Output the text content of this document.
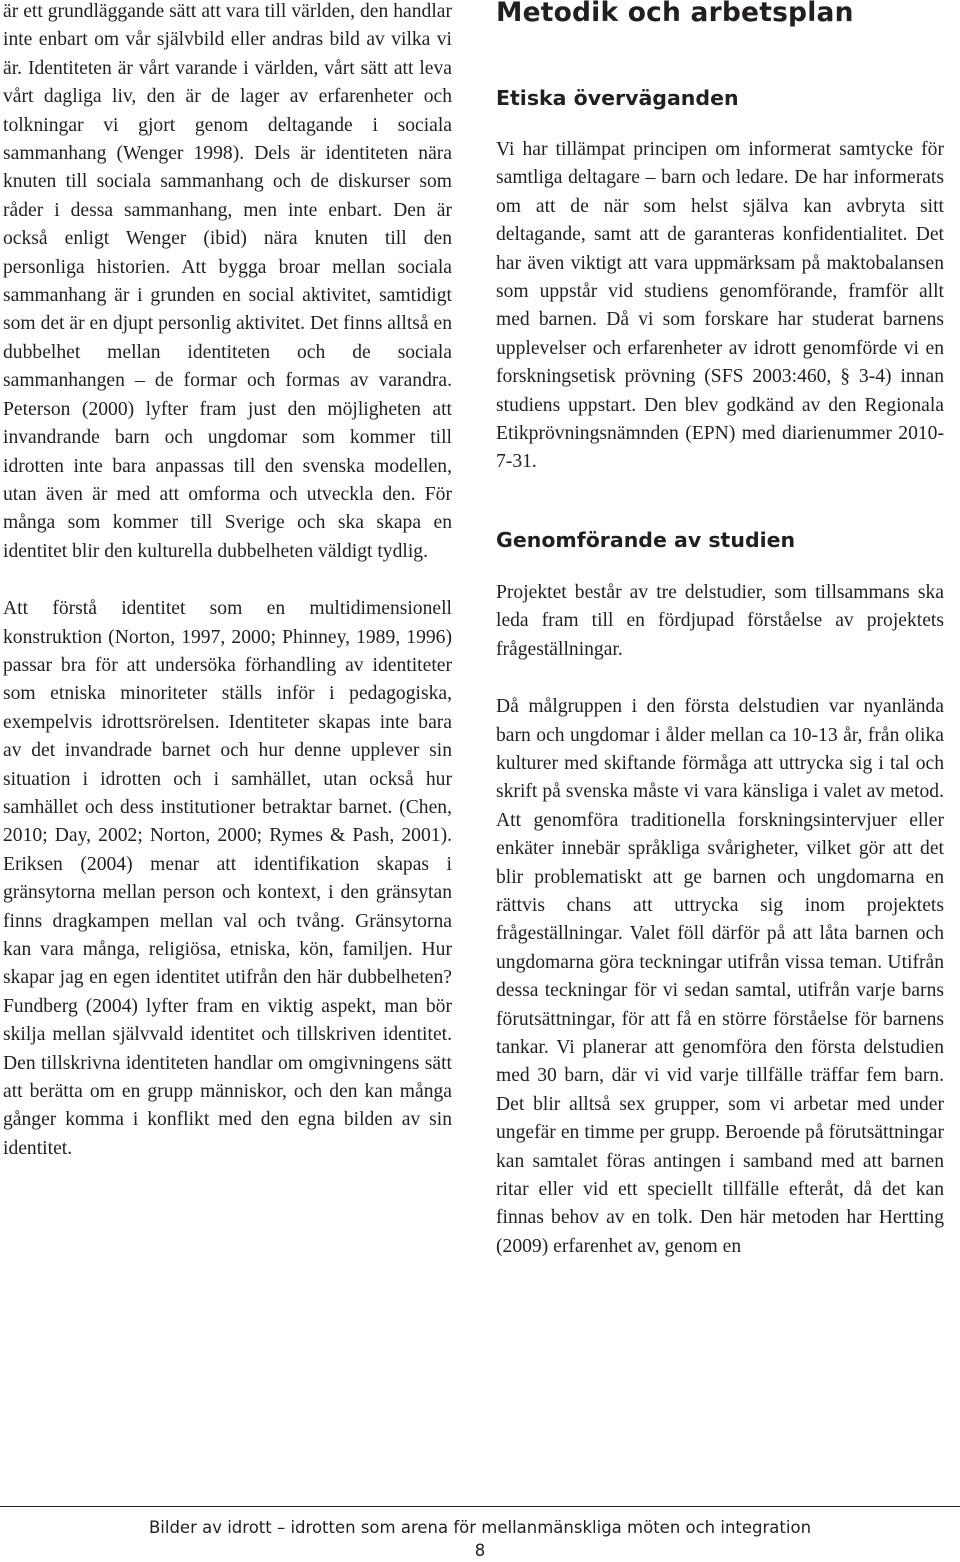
är ett grundläggande sätt att vara till världen, den handlar inte enbart om vår självbild eller andras bild av vilka vi är. Identiteten är vårt varande i världen, vårt sätt att leva vårt dagliga liv, den är de lager av erfarenheter och tolkningar vi gjort genom deltagande i sociala sammanhang (Wenger 1998). Dels är identiteten nära knuten till sociala sammanhang och de diskurser som råder i dessa sammanhang, men inte enbart. Den är också enligt Wenger (ibid) nära knuten till den personliga historien. Att bygga broar mellan sociala sammanhang är i grunden en social aktivitet, samtidigt som det är en djupt personlig aktivitet. Det finns alltså en dubbelhet mellan identiteten och de sociala sammanhangen – de formar och formas av varandra. Peterson (2000) lyfter fram just den möjligheten att invandrande barn och ungdomar som kommer till idrotten inte bara anpassas till den svenska modellen, utan även är med att omforma och utveckla den. För många som kommer till Sverige och ska skapa en identitet blir den kulturella dubbelheten väldigt tydlig.

Att förstå identitet som en multidimensionell konstruktion (Norton, 1997, 2000; Phinney, 1989, 1996) passar bra för att undersöka förhandling av identiteter som etniska minoriteter ställs inför i pedagogiska, exempelvis idrottsrörelsen. Identiteter skapas inte bara av det invandrade barnet och hur denne upplever sin situation i idrotten och i samhället, utan också hur samhället och dess institutioner betraktar barnet. (Chen, 2010; Day, 2002; Norton, 2000; Rymes & Pash, 2001). Eriksen (2004) menar att identifikation skapas i gränsytorna mellan person och kontext, i den gränsytan finns dragkampen mellan val och tvång. Gränsytorna kan vara många, religiösa, etniska, kön, familjen. Hur skapar jag en egen identitet utifrån den här dubbelheten? Fundberg (2004) lyfter fram en viktig aspekt, man bör skilja mellan självvald identitet och tillskriven identitet. Den tillskrivna identiteten handlar om omgivningens sätt att berätta om en grupp människor, och den kan många gånger komma i konflikt med den egna bilden av sin identitet.

Metodik och arbetsplan
Etiska överväganden

Vi har tillämpat principen om informerat samtycke för samtliga deltagare – barn och ledare. De har informerats om att de när som helst själva kan avbryta sitt deltagande, samt att de garanteras konfidentialitet. Det har även viktigt att vara uppmärksam på maktobalansen som uppstår vid studiens genomförande, framför allt med barnen. Då vi som forskare har studerat barnens upplevelser och erfarenheter av idrott genomförde vi en forskningsetisk prövning (SFS 2003:460, § 3-4) innan studiens uppstart. Den blev godkänd av den Regionala Etikprövningsnämnden (EPN) med diarienummer 2010-7-31.

Genomförande av studien

Projektet består av tre delstudier, som tillsammans ska leda fram till en fördjupad förståelse av projektets frågeställningar.

Då målgruppen i den första delstudien var nyanlända barn och ungdomar i ålder mellan ca 10-13 år, från olika kulturer med skiftande förmåga att uttrycka sig i tal och skrift på svenska måste vi vara känsliga i valet av metod. Att genomföra traditionella forskningsintervjuer eller enkäter innebär språkliga svårigheter, vilket gör att det blir problematiskt att ge barnen och ungdomarna en rättvis chans att uttrycka sig inom projektets frågeställningar. Valet föll därför på att låta barnen och ungdomarna göra teckningar utifrån vissa teman. Utifrån dessa teckningar för vi sedan samtal, utifrån varje barns förutsättningar, för att få en större förståelse för barnens tankar. Vi planerar att genomföra den första delstudien med 30 barn, där vi vid varje tillfälle träffar fem barn. Det blir alltså sex grupper, som vi arbetar med under ungefär en timme per grupp. Beroende på förutsättningar kan samtalet föras antingen i samband med att barnen ritar eller vid ett speciellt tillfälle efteråt, då det kan finnas behov av en tolk. Den här metoden har Hertting (2009) erfarenhet av, genom en

Bilder av idrott – idrotten som arena för mellanmänskliga möten och integration
8
